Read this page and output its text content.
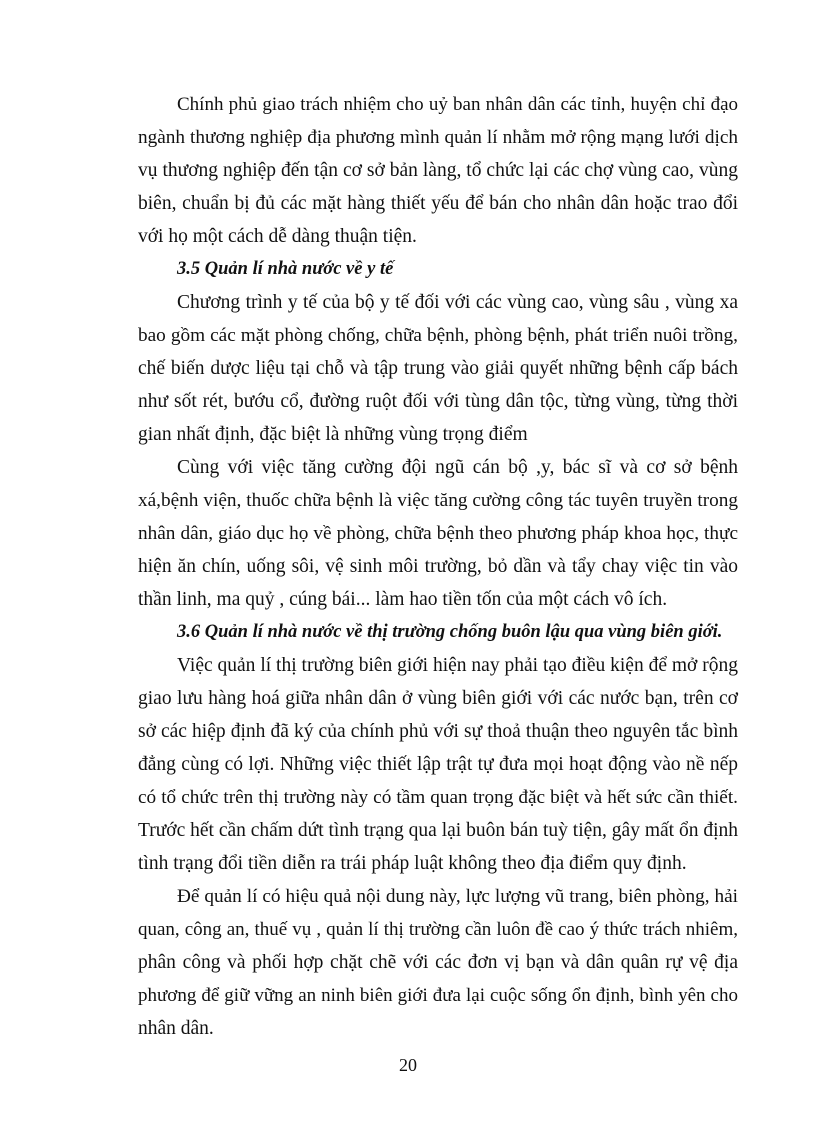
Chính phủ giao trách nhiệm cho uỷ ban nhân dân các tỉnh, huyện chỉ đạo
ngành thương nghiệp địa phương mình quản lí nhằm mở rộng mạng lưới dịch
vụ thương nghiệp đến tận cơ sở bản làng, tổ chức lại các chợ vùng cao, vùng
biên, chuẩn bị đủ các mặt hàng thiết yếu để bán cho nhân dân hoặc trao đổi
với họ một cách dễ dàng thuận tiện.
3.5 Quản lí nhà nước về y tế
Chương trình y tế của bộ y tế đối với các vùng cao, vùng sâu , vùng xa
bao gồm các mặt phòng chống, chữa bệnh, phòng bệnh, phát triển nuôi trồng,
chế biến dược liệu tại chỗ và tập trung vào giải quyết những bệnh cấp bách
như sốt rét, bướu cổ, đường ruột đối với tùng dân tộc, từng vùng, từng thời
gian nhất định, đặc biệt là những vùng trọng điểm
Cùng với việc tăng cường đội ngũ cán bộ ,y, bác sĩ và cơ sở bệnh
xá,bệnh viện, thuốc chữa bệnh là việc tăng cường công tác tuyên truyền trong
nhân dân, giáo dục họ về phòng, chữa bệnh theo phương pháp khoa học, thực
hiện ăn chín, uống sôi, vệ sinh môi trường, bỏ dần và tẩy chay việc tin vào
thần linh, ma quỷ , cúng bái... làm hao tiền tốn của một cách vô ích.
3.6 Quản lí nhà nước về thị trường chống buôn lậu qua vùng biên giới.
Việc quản lí thị trường biên giới hiện nay phải tạo điều kiện để mở rộng
giao lưu hàng hoá giữa nhân dân ở vùng biên giới với các nước bạn, trên cơ
sở các hiệp định đã ký của chính phủ với sự thoả thuận theo nguyên tắc bình
đẳng cùng có lợi. Những việc thiết lập trật tự đưa mọi hoạt động vào nề nếp
có tổ chức trên thị trường này có tầm quan trọng đặc biệt và hết sức cần thiết.
Trước hết cần chấm dứt tình trạng qua lại buôn bán tuỳ tiện, gây mất ổn định
tình trạng đổi tiền diễn ra trái pháp luật không theo địa điểm quy định.
Để quản lí có hiệu quả nội dung này, lực lượng vũ trang, biên phòng, hải
quan, công an, thuế vụ , quản lí thị trường cần luôn đề cao ý thức trách nhiêm,
phân công và phối hợp chặt chẽ với các đơn vị bạn và dân quân rự vệ địa
phương để giữ vững an ninh biên giới đưa lại cuộc sống ổn định, bình yên cho
nhân dân.
20
